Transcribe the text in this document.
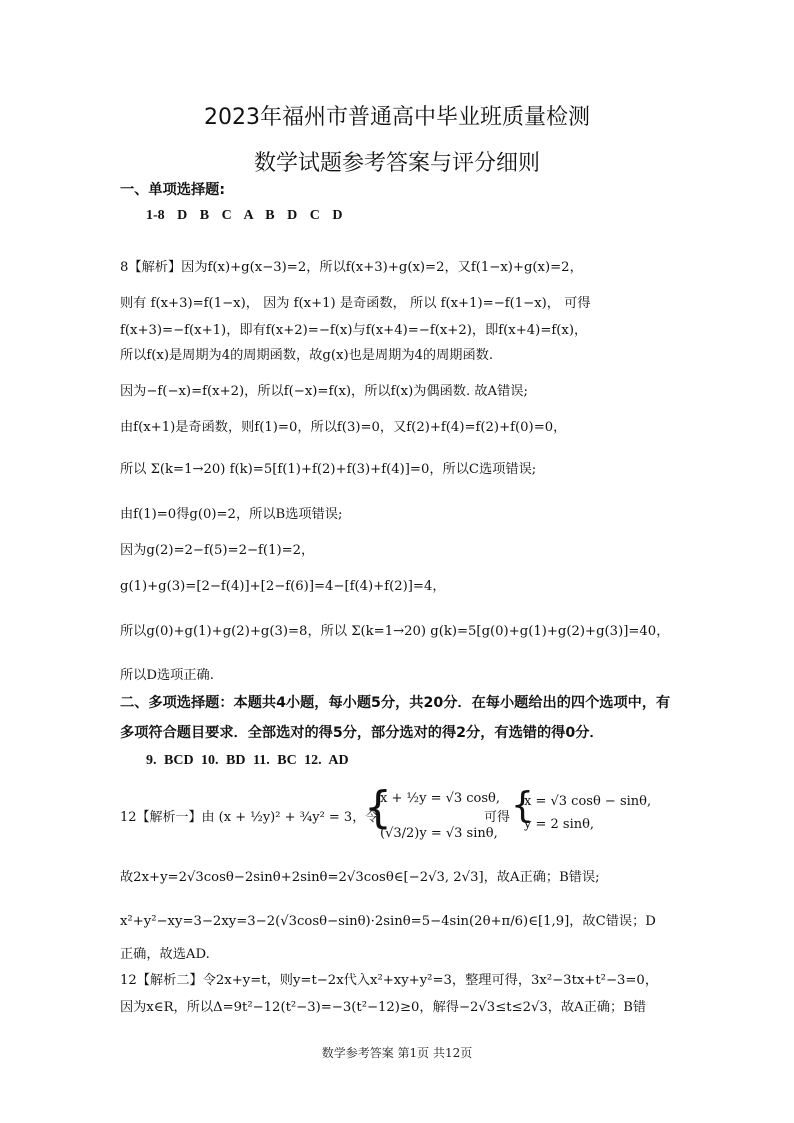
2023年福州市普通高中毕业班质量检测
数学试题参考答案与评分细则
一、单项选择题:
1-8 D B C A B D C D
8【解析】因为f(x)+g(x−3)=2，所以f(x+3)+g(x)=2，又f(1−x)+g(x)=2，
则有 f(x+3)=f(1−x)， 因为 f(x+1) 是奇函数， 所以 f(x+1)=−f(1−x)， 可得
f(x+3)=−f(x+1)，即有f(x+2)=−f(x)与f(x+4)=−f(x+2)，即f(x+4)=f(x)，
所以f(x)是周期为4的周期函数，故g(x)也是周期为4的周期函数.
因为−f(−x)=f(x+2)，所以f(−x)=f(x)，所以f(x)为偶函数. 故A错误;
由f(x+1)是奇函数，则f(1)=0，所以f(3)=0，又f(2)+f(4)=f(2)+f(0)=0，
所以 Σ(k=1→20) f(k)=5[f(1)+f(2)+f(3)+f(4)]=0，所以C选项错误;
由f(1)=0得g(0)=2，所以B选项错误;
因为g(2)=2−f(5)=2−f(1)=2，
g(1)+g(3)=[2−f(4)]+[2−f(6)]=4−[f(4)+f(2)]=4，
所以g(0)+g(1)+g(2)+g(3)=8，所以 Σ(k=1→20) g(k)=5[g(0)+g(1)+g(2)+g(3)]=40，
所以D选项正确.
二、多项选择题：本题共4小题，每小题5分，共20分．在每小题给出的四个选项中，有
多项符合题目要求．全部选对的得5分，部分选对的得2分，有选错的得0分．
9. BCD 10. BD 11. BC 12. AD
12【解析一】由 (x + ½y)² + ¾y² = 3，令
{
x + ½y = √3 cosθ,
(√3/2)y = √3 sinθ,
可得 {
x = √3 cosθ − sinθ,
y = 2 sinθ,
故2x+y=2√3cosθ−2sinθ+2sinθ=2√3cosθ∈[−2√3, 2√3]，故A正确；B错误;
x²+y²−xy=3−2xy=3−2(√3cosθ−sinθ)·2sinθ=5−4sin(2θ+π/6)∈[1,9]，故C错误；D
正确，故选AD.
12【解析二】令2x+y=t，则y=t−2x代入x²+xy+y²=3，整理可得，3x²−3tx+t²−3=0，
因为x∈R，所以Δ=9t²−12(t²−3)=−3(t²−12)≥0，解得−2√3≤t≤2√3，故A正确；B错
数学参考答案 第1页 共12页
